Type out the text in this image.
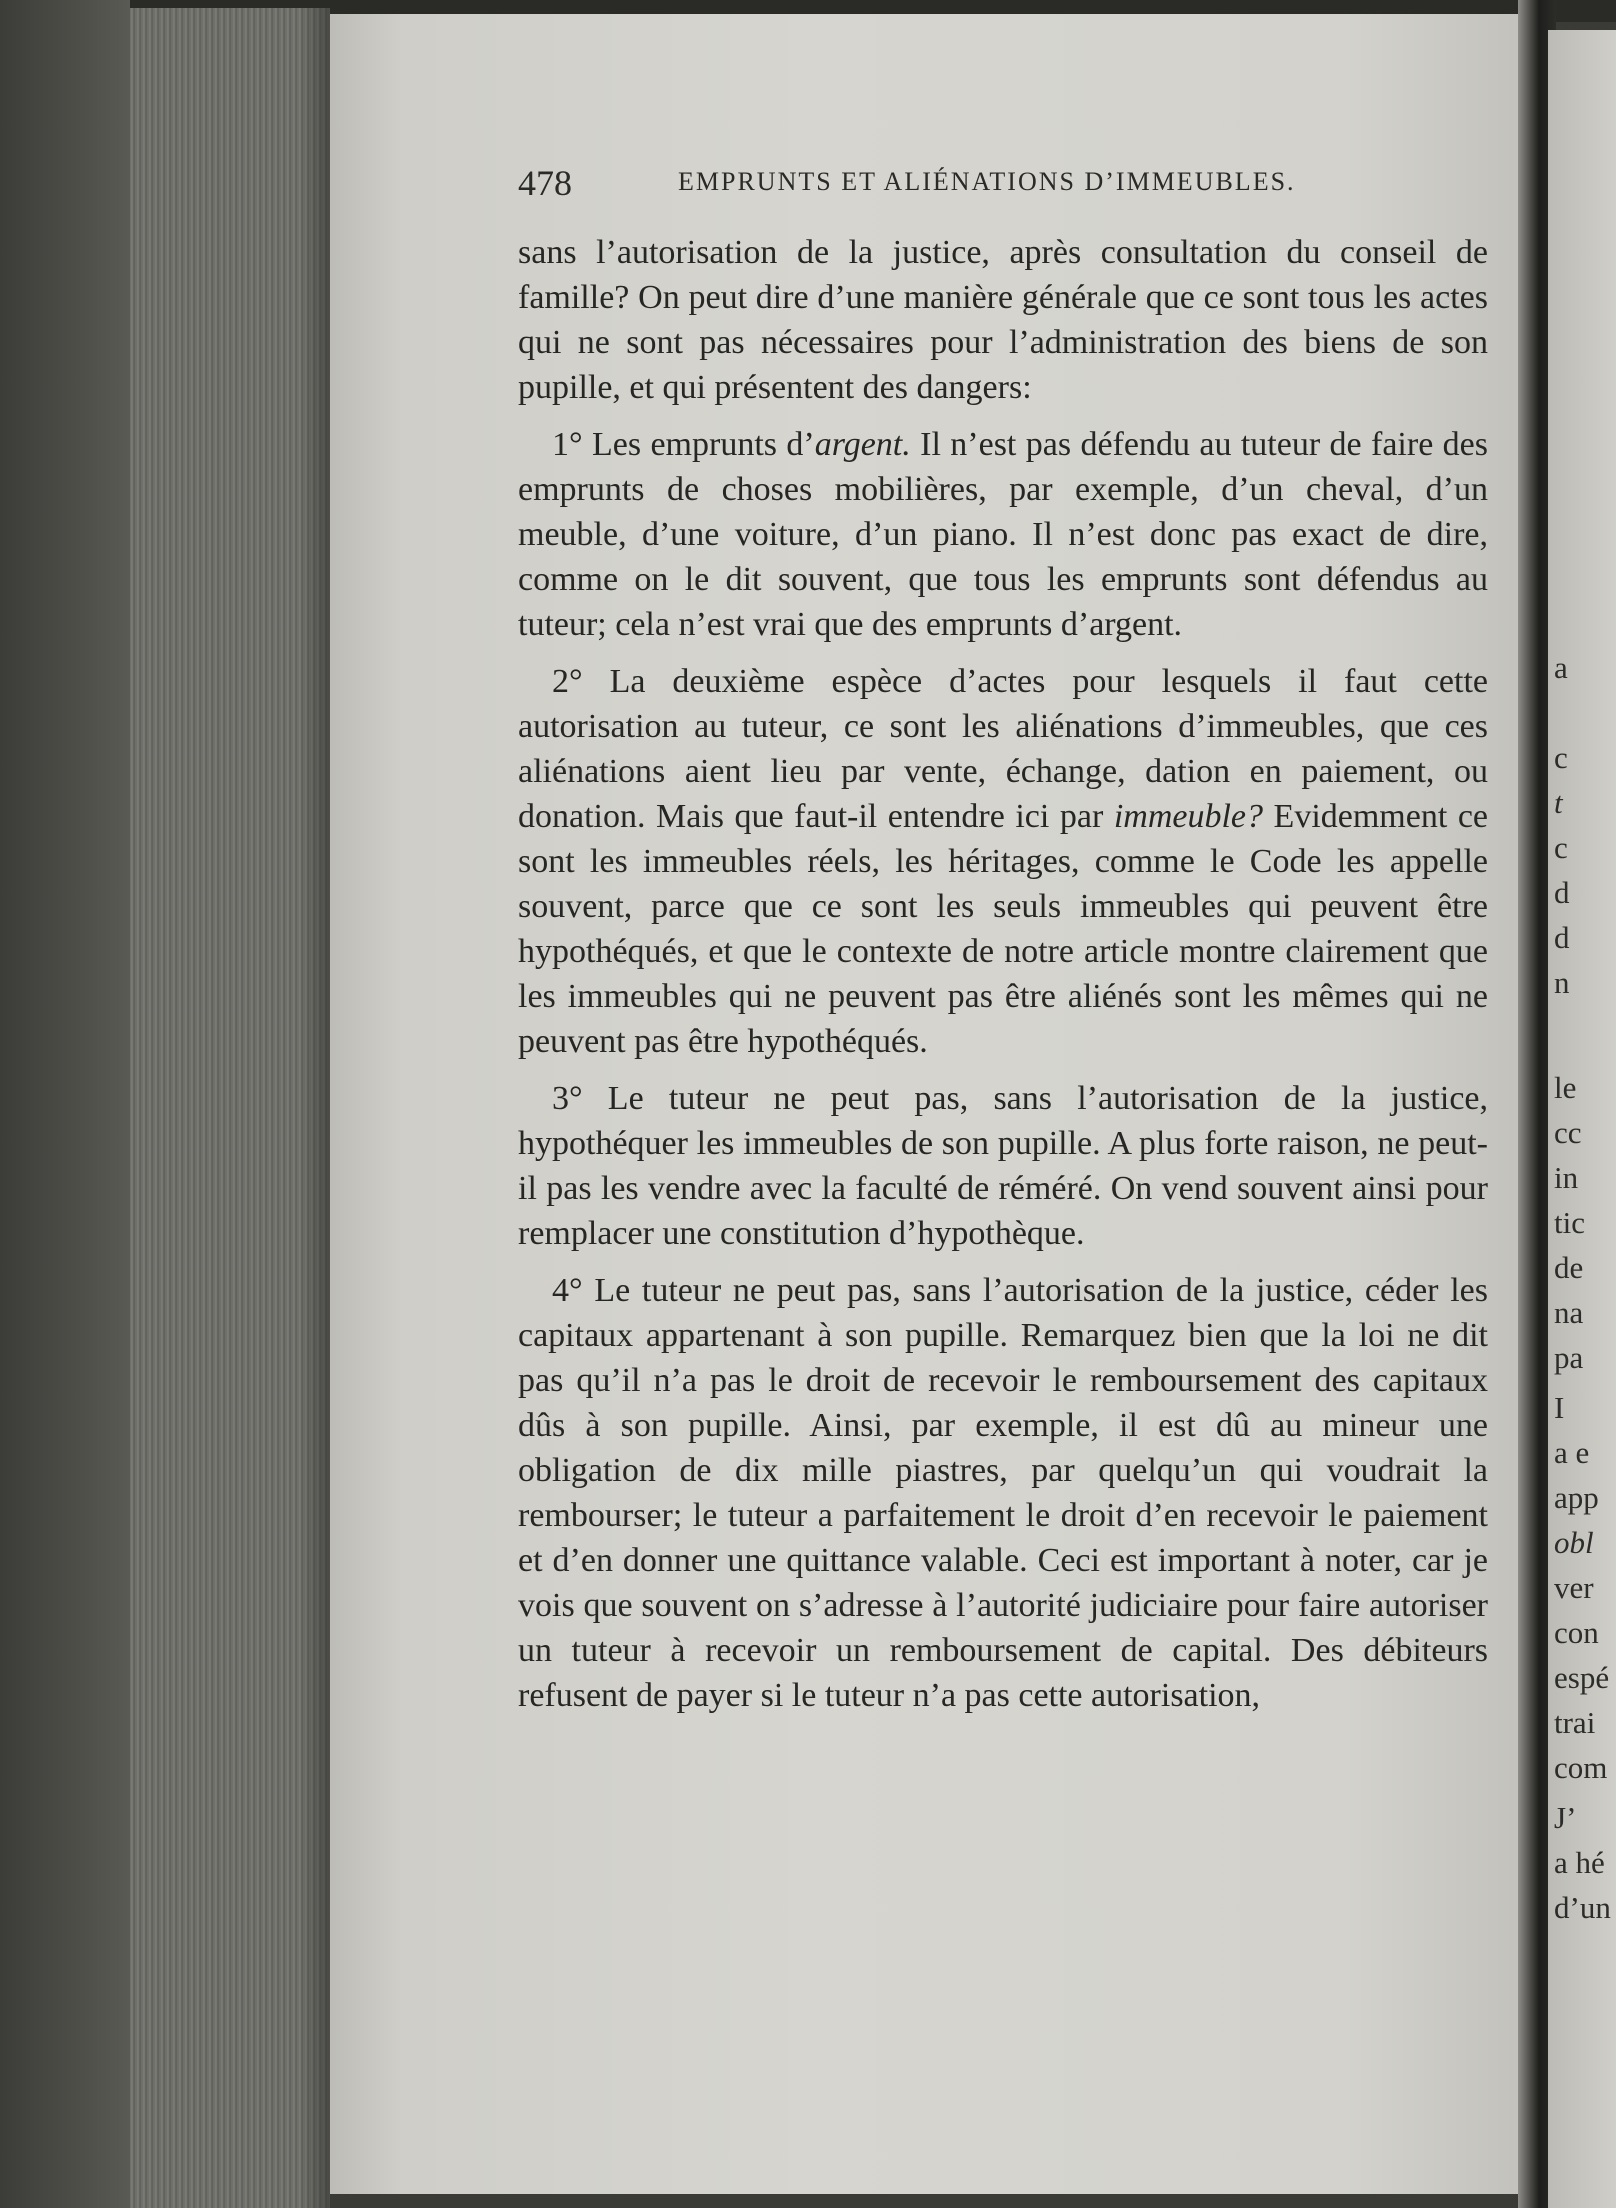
478	EMPRUNTS ET ALIÉNATIONS D’IMMEUBLES.

sans l’autorisation de la justice, après consultation du conseil de famille? On peut dire d’une manière générale que ce sont tous les actes qui ne sont pas nécessaires pour l’administration des biens de son pupille, et qui présentent des dangers:

1° Les emprunts d’argent. Il n’est pas défendu au tuteur de faire des emprunts de choses mobilières, par exemple, d’un cheval, d’un meuble, d’une voiture, d’un piano. Il n’est donc pas exact de dire, comme on le dit souvent, que tous les emprunts sont défendus au tuteur; cela n’est vrai que des emprunts d’argent.

2° La deuxième espèce d’actes pour lesquels il faut cette autorisation au tuteur, ce sont les aliénations d’immeubles, que ces aliénations aient lieu par vente, échange, dation en paiement, ou donation. Mais que faut-il entendre ici par immeuble? Evidemment ce sont les immeubles réels, les héritages, comme le Code les appelle souvent, parce que ce sont les seuls immeubles qui peuvent être hypothéqués, et que le contexte de notre article montre clairement que les immeubles qui ne peuvent pas être aliénés sont les mêmes qui ne peuvent pas être hypothéqués.

3° Le tuteur ne peut pas, sans l’autorisation de la justice, hypothéquer les immeubles de son pupille. A plus forte raison, ne peut-il pas les vendre avec la faculté de réméré. On vend souvent ainsi pour remplacer une constitution d’hypothèque.

4° Le tuteur ne peut pas, sans l’autorisation de la justice, céder les capitaux appartenant à son pupille. Remarquez bien que la loi ne dit pas qu’il n’a pas le droit de recevoir le remboursement des capitaux dûs à son pupille. Ainsi, par exemple, il est dû au mineur une obligation de dix mille piastres, par quelqu’un qui voudrait la rembourser; le tuteur a parfaitement le droit d’en recevoir le paiement et d’en donner une quittance valable. Ceci est important à noter, car je vois que souvent on s’adresse à l’autorité judiciaire pour faire autoriser un tuteur à recevoir un remboursement de capital. Des débiteurs refusent de payer si le tuteur n’a pas cette autorisation,

a
c
t
c
d
d
n
le
cc
in
tic
de
na
pa
I
a e
app
obl
ver
con
espé
trai
com
J’
a hé
d’un
